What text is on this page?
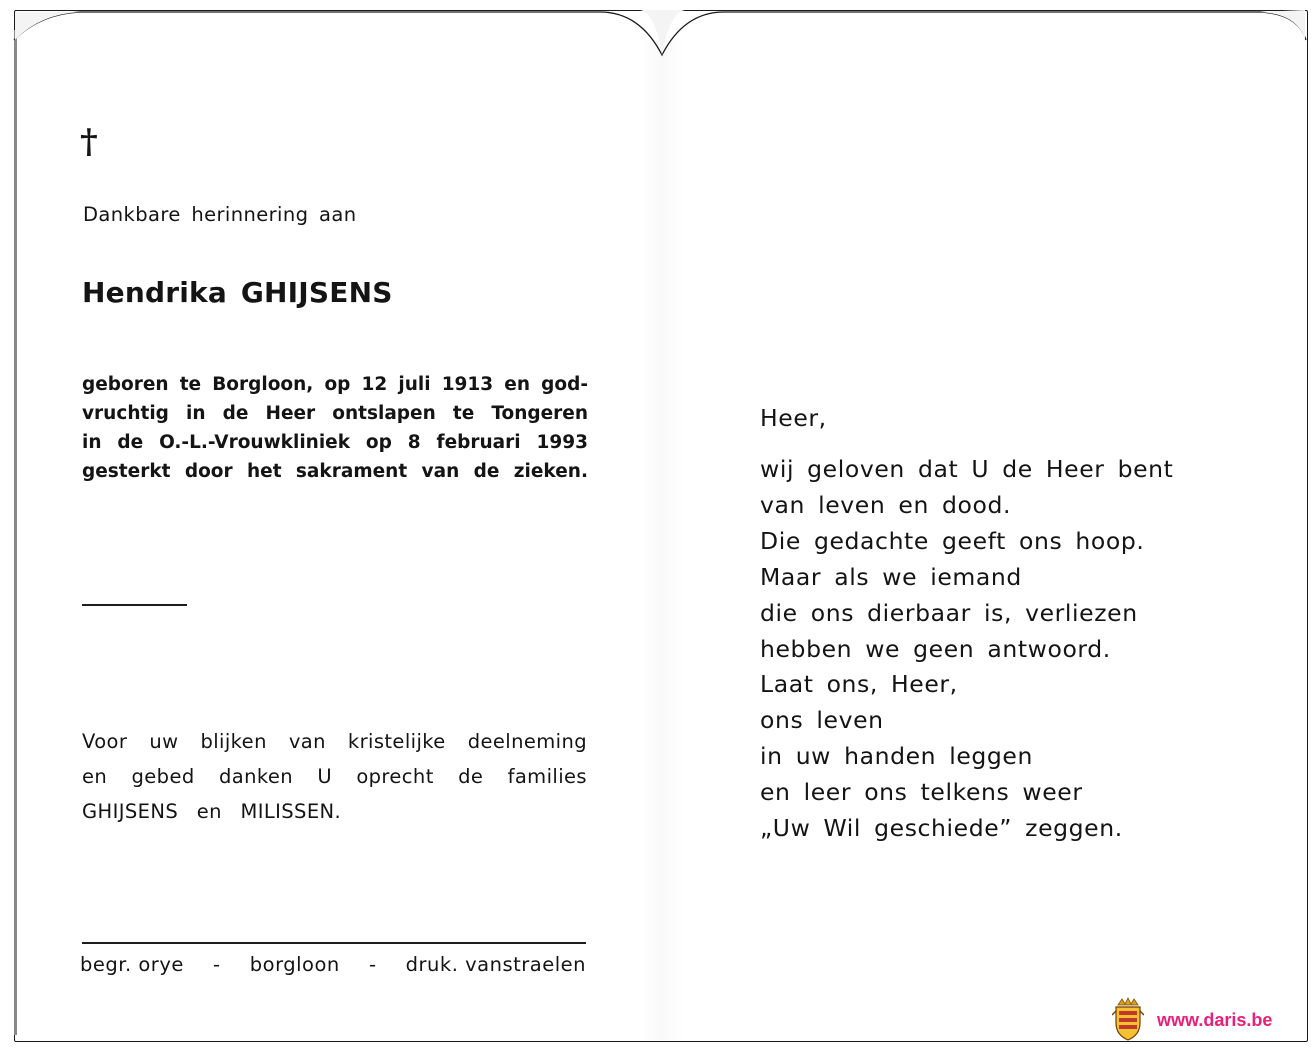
†
Dankbare herinnering aan
Hendrika GHIJSENS
geboren te Borgloon, op 12 juli 1913 en god-
vruchtig in de Heer ontslapen te Tongeren
in de O.-L.-Vrouwkliniek op 8 februari 1993
gesterkt door het sakrament van de zieken.
Voor uw blijken van kristelijke deelneming
en gebed danken U oprecht de families
GHIJSENS en MILISSEN.
begr. orye - borgloon - druk. vanstraelen
Heer,
wij geloven dat U de Heer bent
van leven en dood.
Die gedachte geeft ons hoop.
Maar als we iemand
die ons dierbaar is, verliezen
hebben we geen antwoord.
Laat ons, Heer,
ons leven
in uw handen leggen
en leer ons telkens weer
„Uw Wil geschiede” zeggen.
www.daris.be
